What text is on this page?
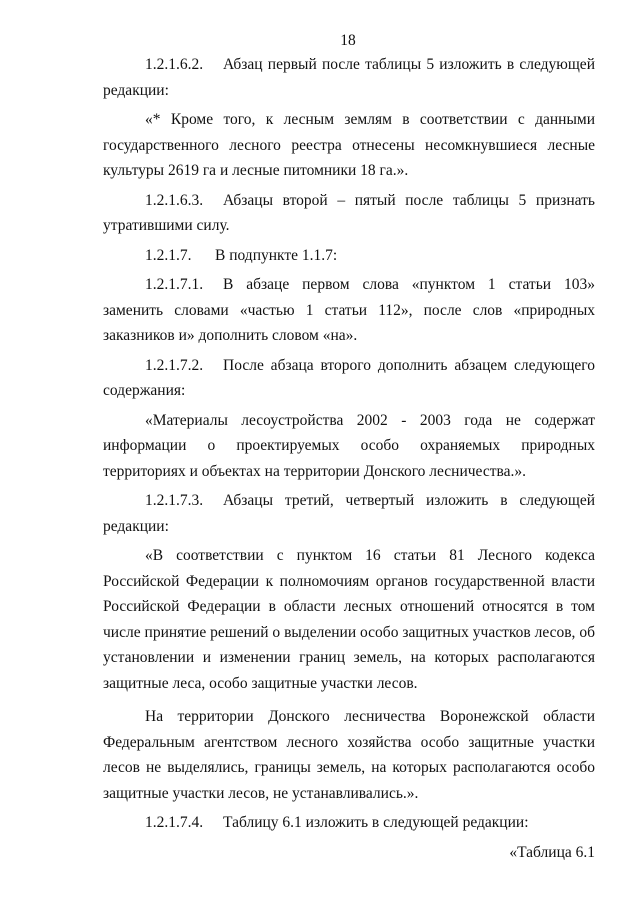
18

1.2.1.6.2. Абзац первый после таблицы 5 изложить в следующей редакции:

«* Кроме того, к лесным землям в соответствии с данными государственного лесного реестра отнесены несомкнувшиеся лесные культуры 2619 га и лесные питомники 18 га.».

1.2.1.6.3. Абзацы второй – пятый после таблицы 5 признать утратившими силу.

1.2.1.7. В подпункте 1.1.7:

1.2.1.7.1. В абзаце первом слова «пунктом 1 статьи 103» заменить словами «частью 1 статьи 112», после слов «природных заказников и» дополнить словом «на».

1.2.1.7.2. После абзаца второго дополнить абзацем следующего содержания:

«Материалы лесоустройства 2002 - 2003 года не содержат информации о проектируемых особо охраняемых природных территориях и объектах на территории Донского лесничества.».

1.2.1.7.3. Абзацы третий, четвертый изложить в следующей редакции:

«В соответствии с пунктом 16 статьи 81 Лесного кодекса Российской Федерации к полномочиям органов государственной власти Российской Федерации в области лесных отношений относятся в том числе принятие решений о выделении особо защитных участков лесов, об установлении и изменении границ земель, на которых располагаются защитные леса, особо защитные участки лесов.

На территории Донского лесничества Воронежской области Федеральным агентством лесного хозяйства особо защитные участки лесов не выделялись, границы земель, на которых располагаются особо защитные участки лесов, не устанавливались.».

1.2.1.7.4. Таблицу 6.1 изложить в следующей редакции:

«Таблица 6.1
